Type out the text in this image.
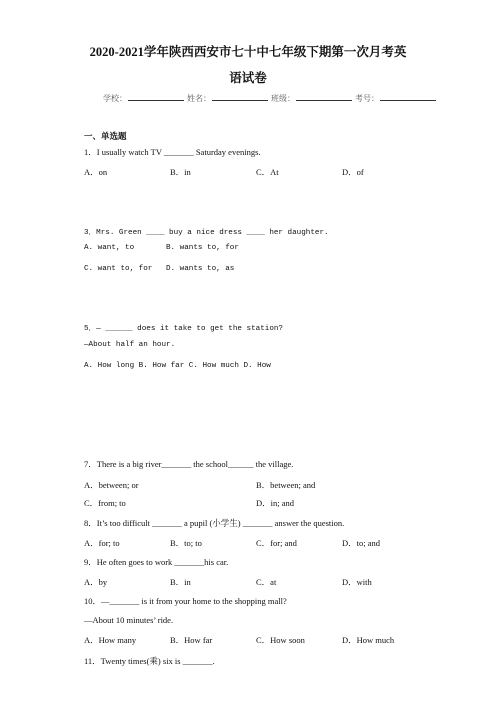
2020-2021学年陕西西安市七十中七年级下期第一次月考英
语试卷
学校：	姓名：	班级：	考号：
一、单选题
1．I usually watch TV _______ Saturday evenings.
A．on	B．in	C．At	D．of
3．Mrs. Green ____ buy a nice dress ____ her daughter.
A. want, to	B. wants to, for
C. want to, for D. wants to, as
5．— ______ does it take to get the station?
—About half an hour.
A. How long B. How far C. How much D. How
7．There is a big river_______ the school______ the village.
A．between; or	B．between; and
C．from; to	D．in; and
8．It’s too difficult _______ a pupil (小学生) _______ answer the question.
A．for; to	B．to; to	C．for; and	D．to; and
9．He often goes to work _______his car.
A．by	B．in	C．at	D．with
10．—_______ is it from your home to the shopping mall?
—About 10 minutes’ ride.
A．How many	B．How far	C．How soon	D．How much
11．Twenty times(乘) six is _______.
